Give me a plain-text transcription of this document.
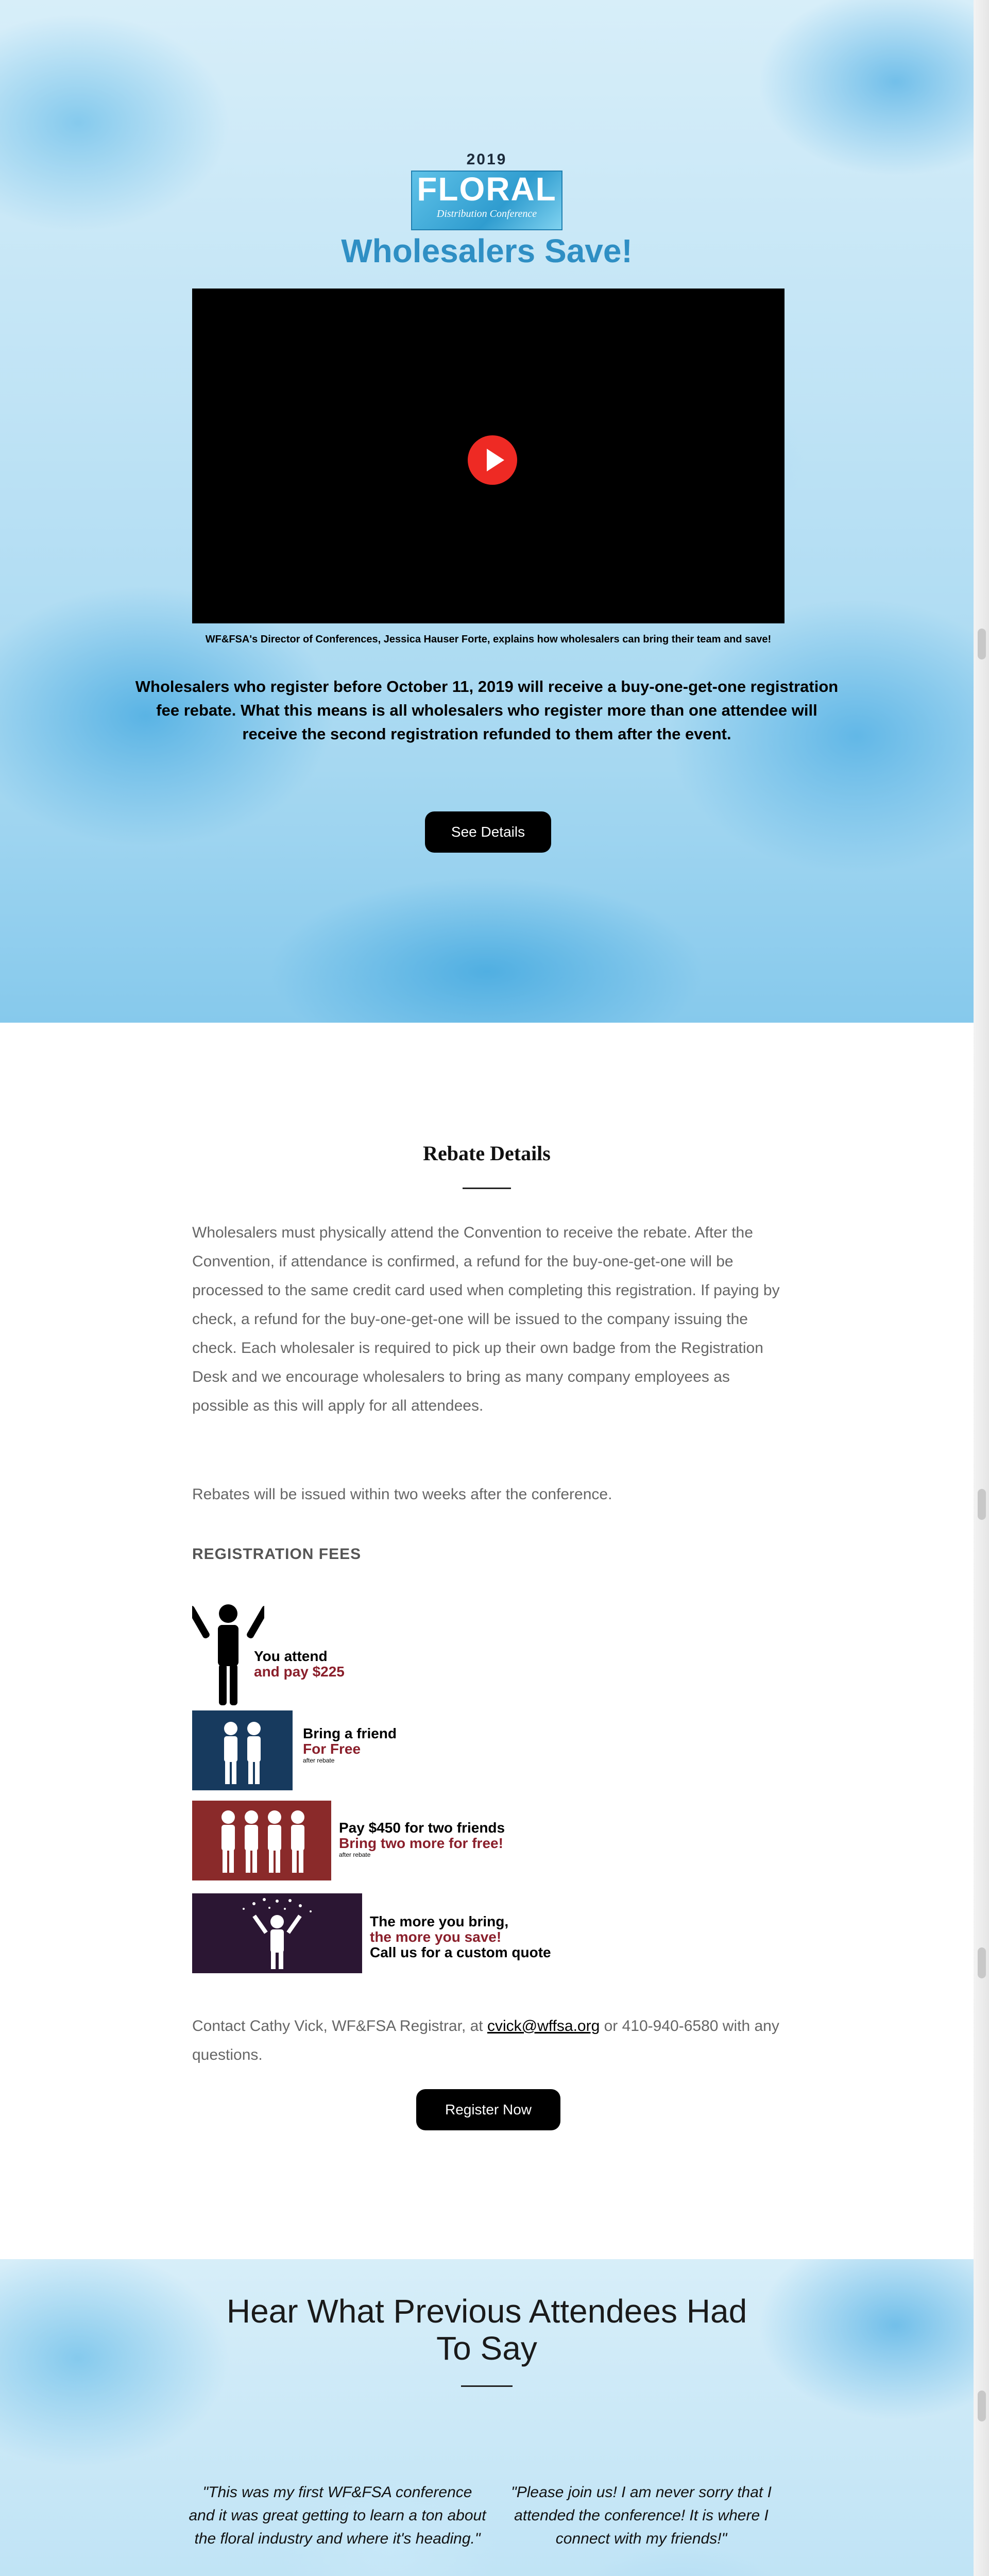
2019
FLORAL
Distribution Conference
Wholesalers Save!
WF&FSA's Director of Conferences, Jessica Hauser Forte, explains how wholesalers can bring their team and save!

Wholesalers who register before October 11, 2019 will receive a buy-one-get-one registration fee rebate. What this means is all wholesalers who register more than one attendee will receive the second registration refunded to them after the event.

See Details
Rebate Details

Wholesalers must physically attend the Convention to receive the rebate. After the Convention, if attendance is confirmed, a refund for the buy-one-get-one will be processed to the same credit card used when completing this registration. If paying by check, a refund for the buy-one-get-one will be issued to the company issuing the check. Each wholesaler is required to pick up their own badge from the Registration Desk and we encourage wholesalers to bring as many company employees as possible as this will apply for all attendees.

Rebates will be issued within two weeks after the conference.

REGISTRATION FEES
You attend
and pay $225
Bring a friend
For Free
after rebate
Pay $450 for two friends
Bring two more for free!
after rebate
The more you bring,
the more you save!
Call us for a custom quote

Contact Cathy Vick, WF&FSA Registrar, at cvick@wffsa.org or 410-940-6580 with any questions.

Register Now
Hear What Previous Attendees Had To Say

"This was my first WF&FSA conference and it was great getting to learn a ton about the floral industry and where it's heading."

"Please join us! I am never sorry that I attended the conference! It is where I connect with my friends!"
